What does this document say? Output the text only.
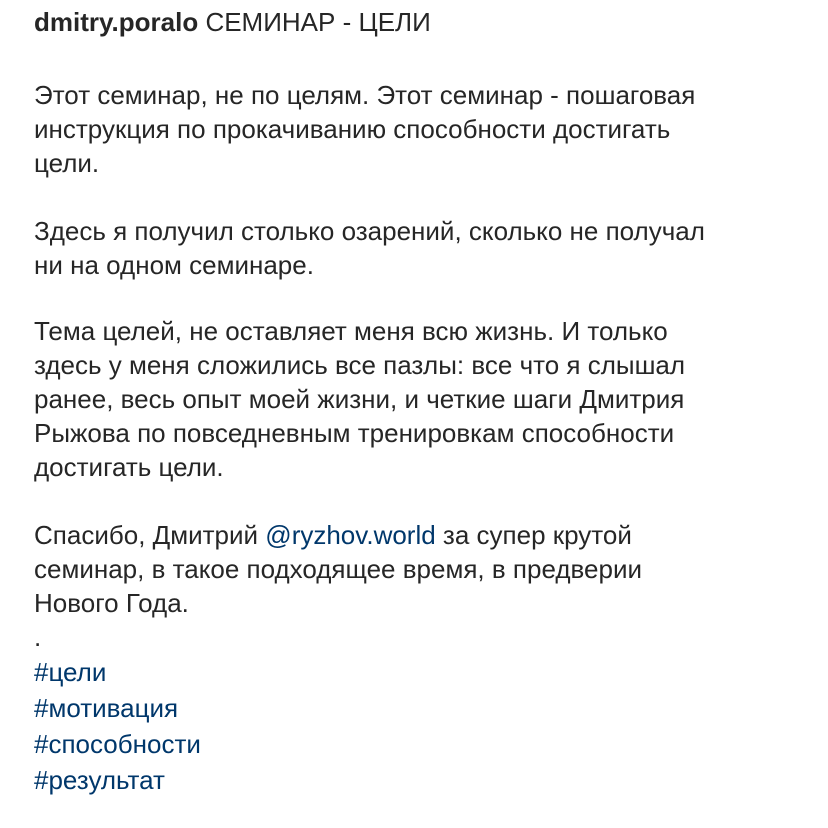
dmitry.poralo СЕМИНАР - ЦЕЛИ

Этот семинар, не по целям. Этот семинар - пошаговая
инструкция по прокачиванию способности достигать
цели.

Здесь я получил столько озарений, сколько не получал
ни на одном семинаре.

Тема целей, не оставляет меня всю жизнь. И только
здесь у меня сложились все пазлы: все что я слышал
ранее, весь опыт моей жизни, и четкие шаги Дмитрия
Рыжова по повседневным тренировкам способности
достигать цели.

Спасибо, Дмитрий @ryzhov.world за супер крутой
семинар, в такое подходящее время, в предверии
Нового Года.

.

#цели
#мотивация
#способности
#результат
